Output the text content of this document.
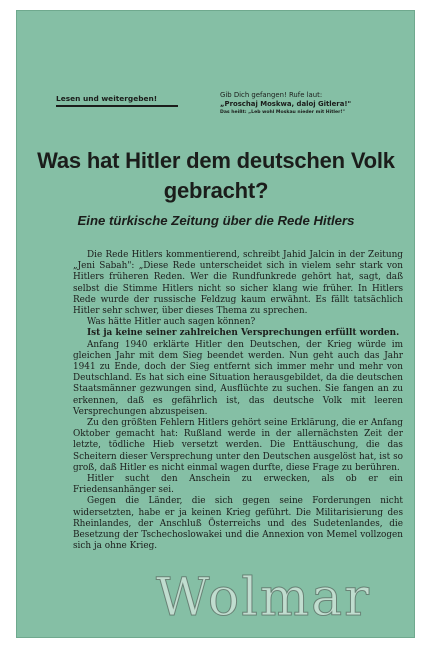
Lesen und weitergeben!	Gib Dich gefangen! Rufe laut:
„Proschaj Moskwa, daloj Gitlera!"
Das heißt: „Leb wohl Moskau nieder mit Hitler!"
Was hat Hitler dem deutschen Volk gebracht?
Eine türkische Zeitung über die Rede Hitlers

Die Rede Hitlers kommentierend, schreibt Jahid Jalcin in der Zeitung „Jeni Sabah": „Diese Rede unterscheidet sich in vielem sehr stark von Hitlers früheren Reden. Wer die Rundfunkrede gehört hat, sagt, daß selbst die Stimme Hitlers nicht so sicher klang wie früher. In Hitlers Rede wurde der russische Feldzug kaum erwähnt. Es fällt tatsächlich Hitler sehr schwer, über dieses Thema zu sprechen.

Was hätte Hitler auch sagen können?

Ist ja keine seiner zahlreichen Versprechungen erfüllt worden.

Anfang 1940 erklärte Hitler den Deutschen, der Krieg würde im gleichen Jahr mit dem Sieg beendet werden. Nun geht auch das Jahr 1941 zu Ende, doch der Sieg entfernt sich immer mehr und mehr von Deutschland. Es hat sich eine Situation herausgebildet, da die deutschen Staatsmänner gezwungen sind, Ausflüchte zu suchen. Sie fangen an zu erkennen, daß es gefährlich ist, das deutsche Volk mit leeren Versprechungen abzuspeisen.

Zu den größten Fehlern Hitlers gehört seine Erklärung, die er Anfang Oktober gemacht hat: Rußland werde in der allernächsten Zeit der letzte, tödliche Hieb versetzt werden. Die Enttäuschung, die das Scheitern dieser Versprechung unter den Deutschen ausgelöst hat, ist so groß, daß Hitler es nicht einmal wagen durfte, diese Frage zu berühren.

Hitler sucht den Anschein zu erwecken, als ob er ein Friedensanhänger sei.

Gegen die Länder, die sich gegen seine Forderungen nicht widersetzten, habe er ja keinen Krieg geführt. Die Militarisierung des Rheinlandes, der Anschluß Österreichs und des Sudetenlandes, die Besetzung der Tschechoslowakei und die Annexion von Memel vollzogen sich ja ohne Krieg.

Wolmar
